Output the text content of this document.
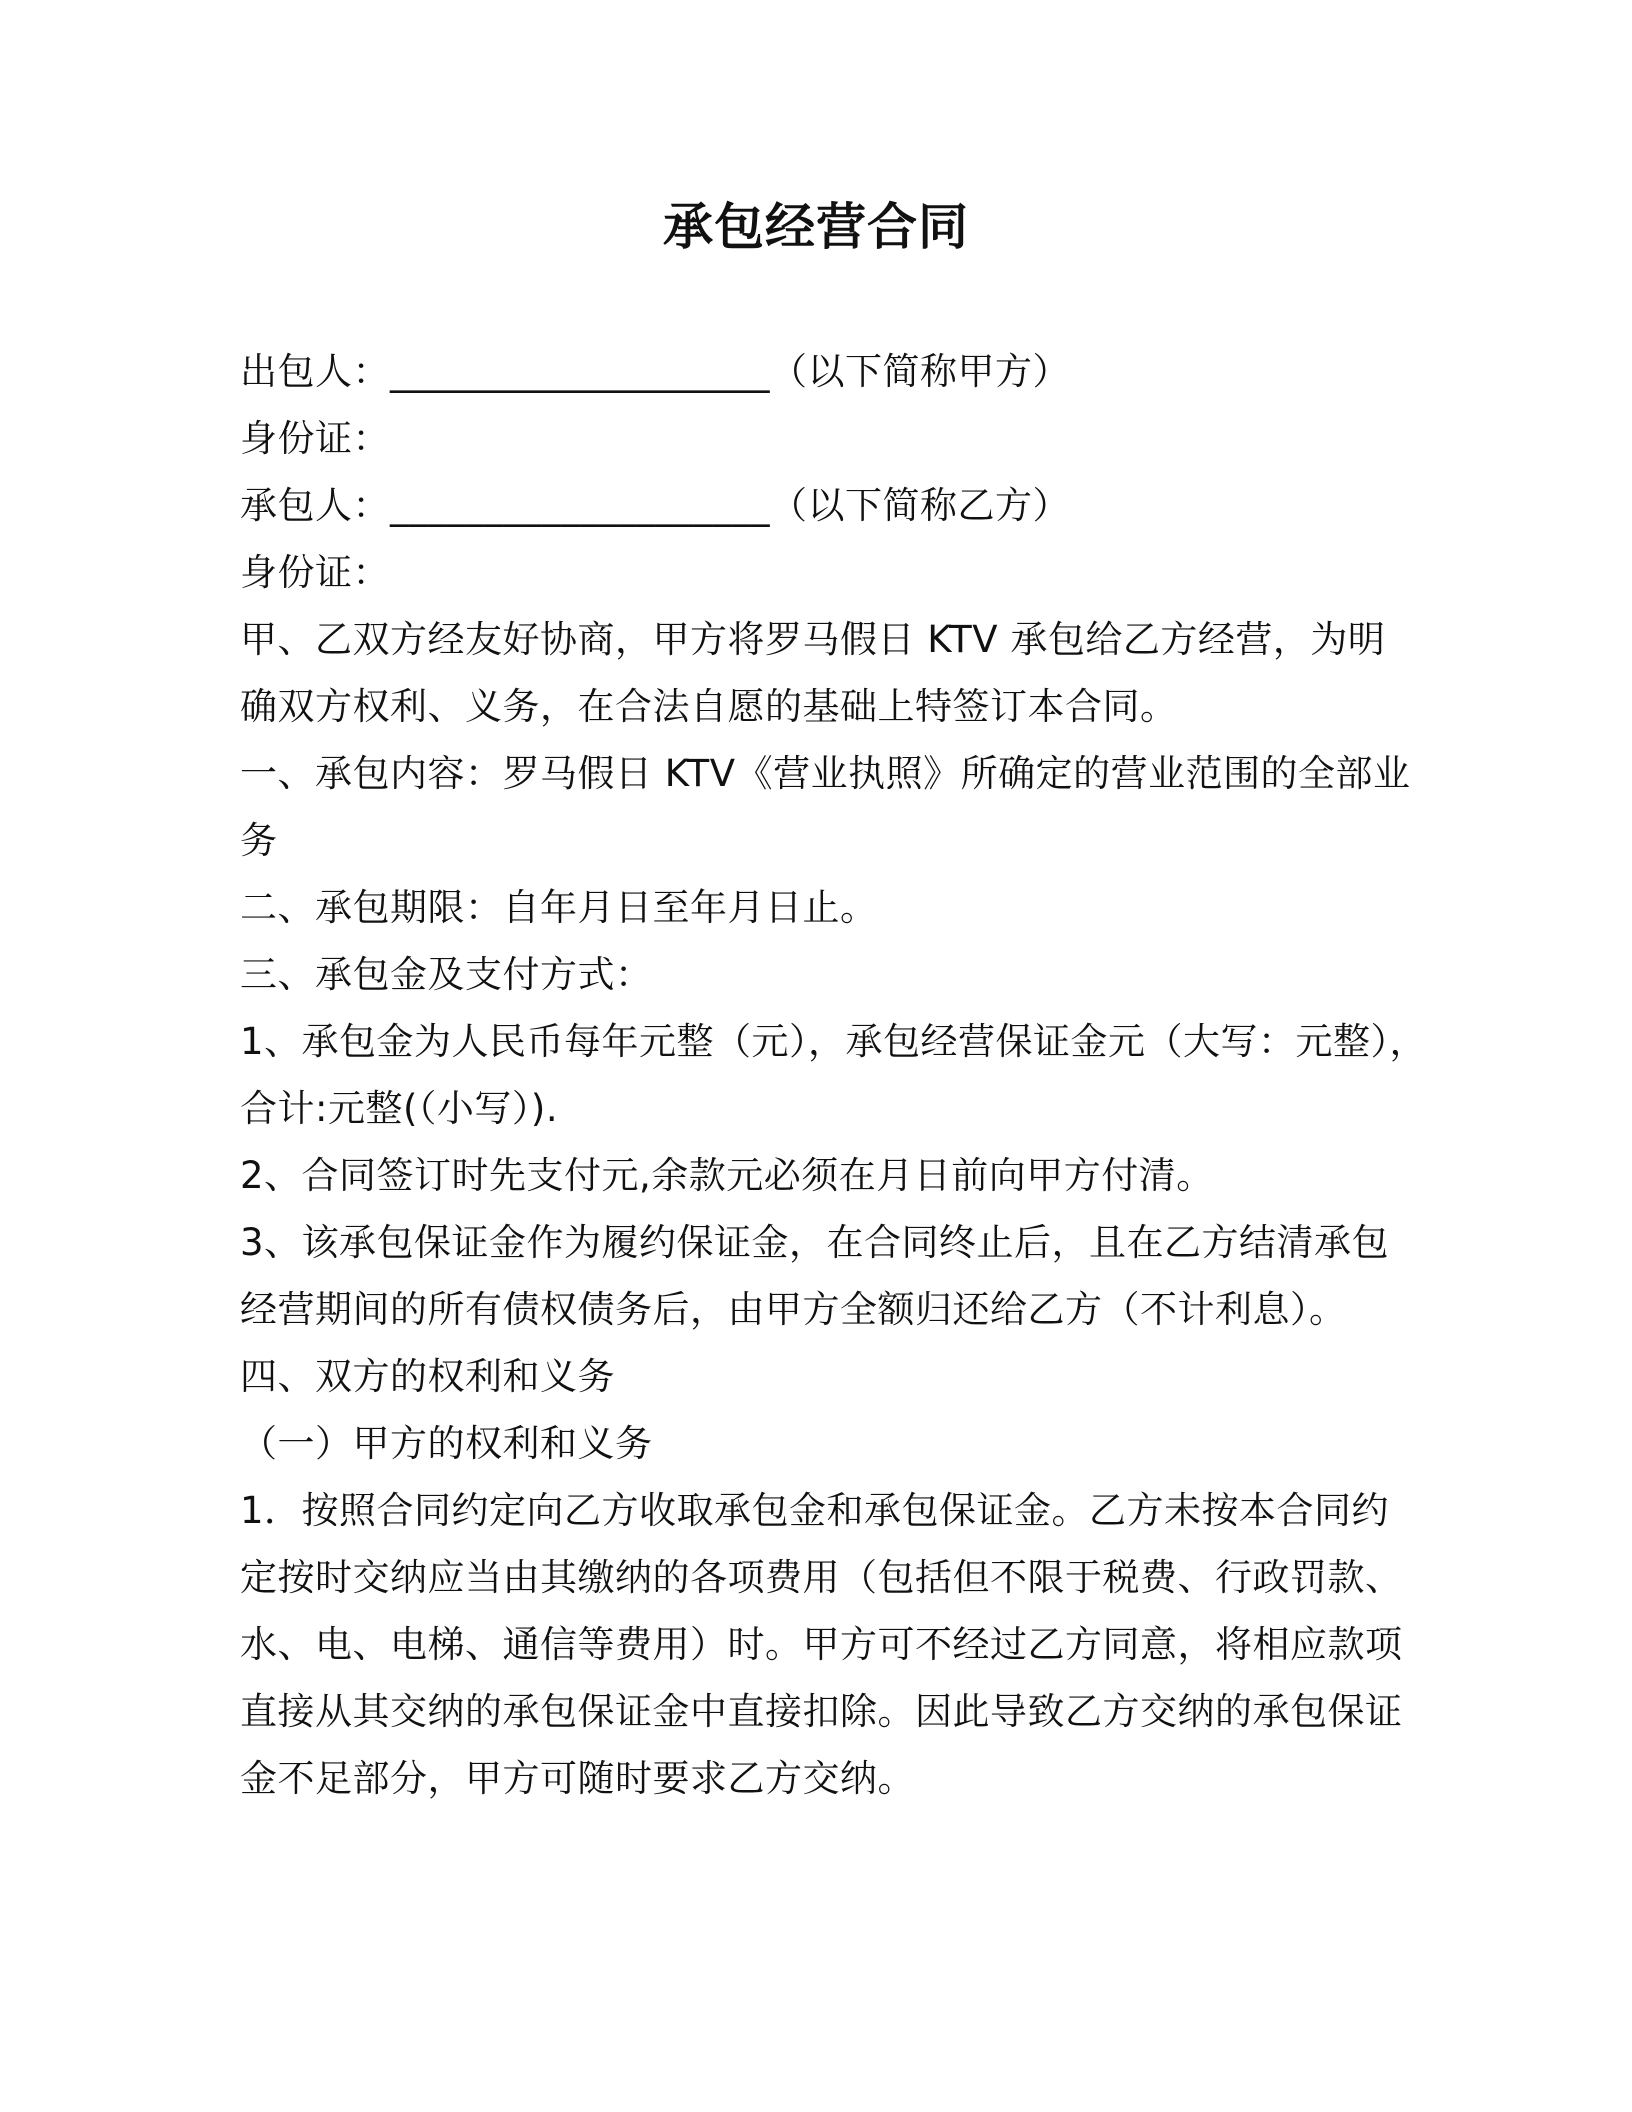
承包经营合同
出包人：____________________（以下简称甲方）
身份证：
承包人：____________________（以下简称乙方）
身份证：
甲、乙双方经友好协商，甲方将罗马假日 KTV 承包给乙方经营，为明
确双方权利、义务，在合法自愿的基础上特签订本合同。
一、承包内容：罗马假日 KTV《营业执照》所确定的营业范围的全部业
务
二、承包期限：自年月日至年月日止。
三、承包金及支付方式：
1、承包金为人民币每年元整（元），承包经营保证金元（大写：元整），
合计:元整(（小写）).
2、合同签订时先支付元,余款元必须在月日前向甲方付清。
3、该承包保证金作为履约保证金，在合同终止后，且在乙方结清承包
经营期间的所有债权债务后，由甲方全额归还给乙方（不计利息）。
四、双方的权利和义务
（一）甲方的权利和义务
1．按照合同约定向乙方收取承包金和承包保证金。乙方未按本合同约
定按时交纳应当由其缴纳的各项费用（包括但不限于税费、行政罚款、
水、电、电梯、通信等费用）时。甲方可不经过乙方同意，将相应款项
直接从其交纳的承包保证金中直接扣除。因此导致乙方交纳的承包保证
金不足部分，甲方可随时要求乙方交纳。
